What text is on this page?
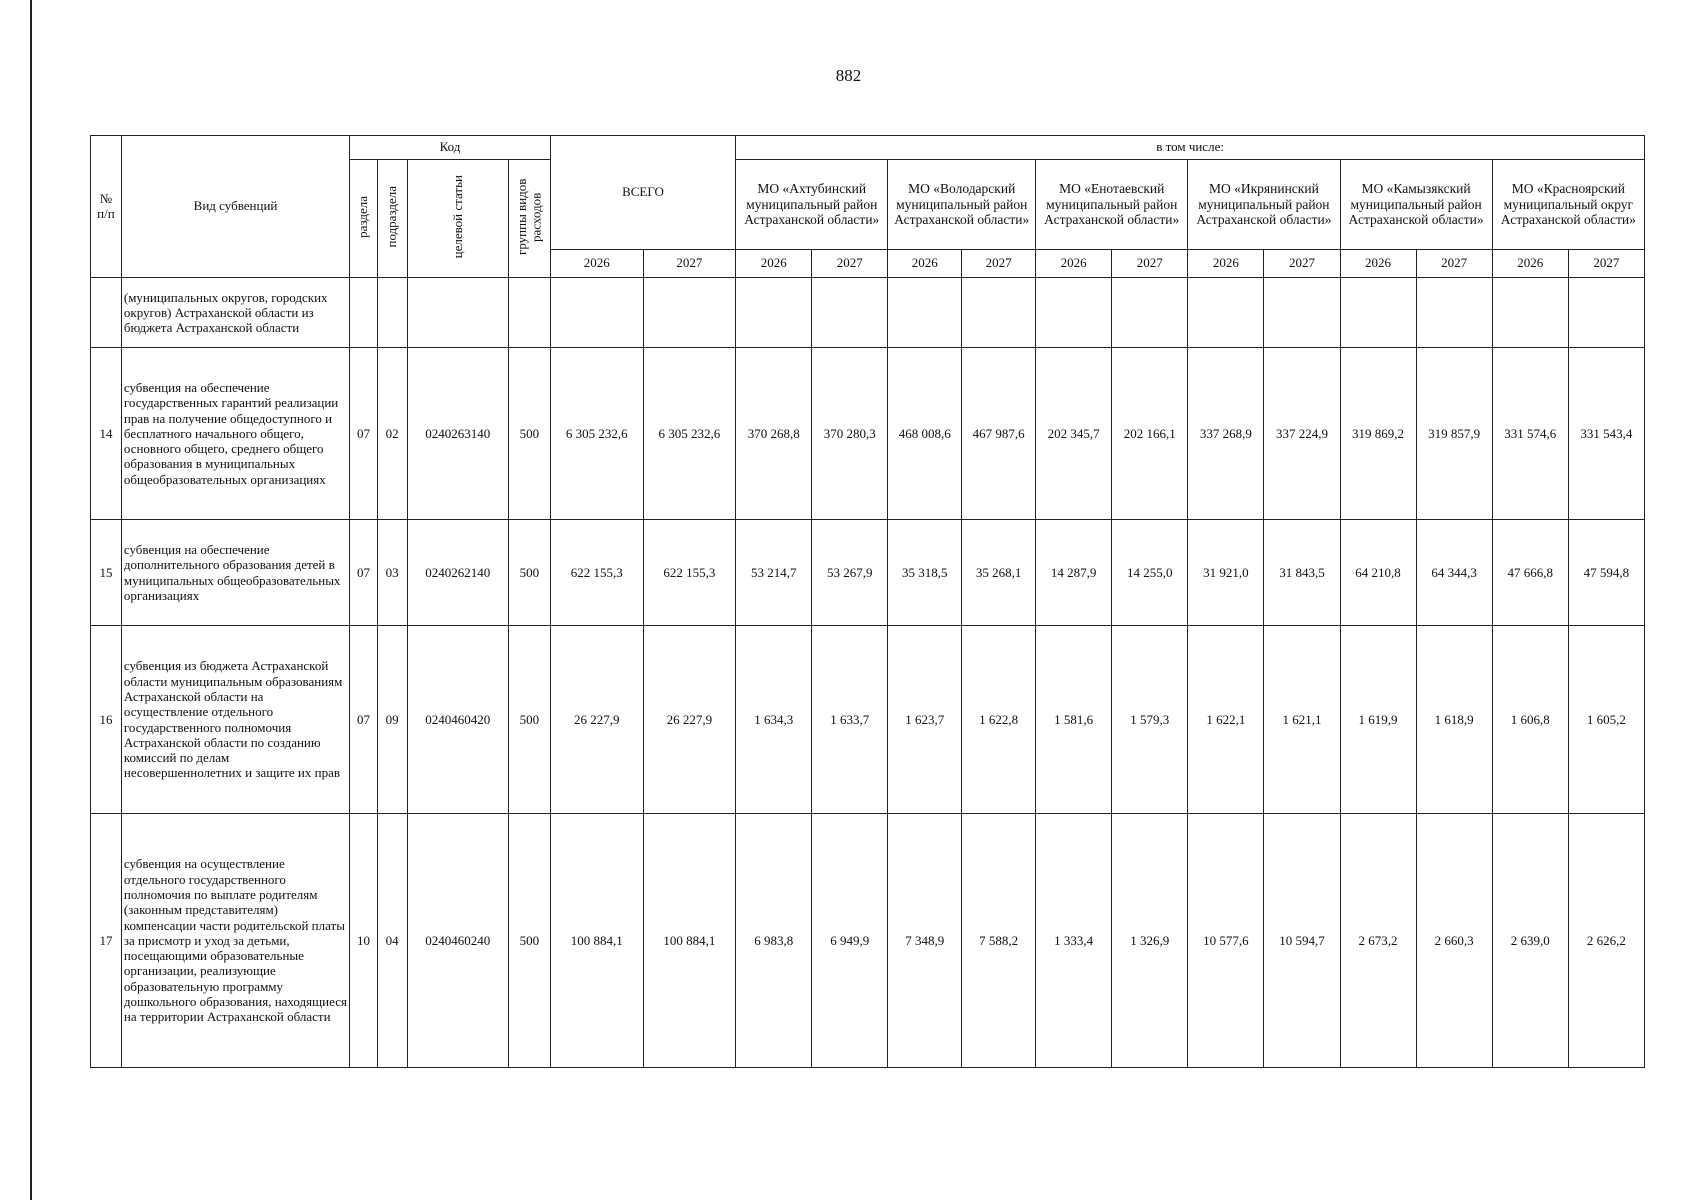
882
№ п/п	Вид субвенций	Код				ВСЕГО		в том числе:											
		раздела	подраздела	целевой статьи	группы видов расходов			МО «Ахтубинский муниципальный район Астраханской области»		МО «Володарский муниципальный район Астраханской области»		МО «Енотаевский муниципальный район Астраханской области»		МО «Икрянинский муниципальный район Астраханской области»		МО «Камызякский муниципальный район Астраханской области»		МО «Красноярский муниципальный округ Астраханской области»	
						2026	2027	2026	2027	2026	2027	2026	2027	2026	2027	2026	2027	2026	2027
	(муниципальных округов, городских округов) Астраханской области из бюджета Астраханской области																		
14	субвенция на обеспечение государственных гарантий реализации прав на получение общедоступного и бесплатного начального общего, основного общего, среднего общего образования в муниципальных общеобразовательных организациях	07	02	0240263140	500	6 305 232,6	6 305 232,6	370 268,8	370 280,3	468 008,6	467 987,6	202 345,7	202 166,1	337 268,9	337 224,9	319 869,2	319 857,9	331 574,6	331 543,4
15	субвенция на обеспечение дополнительного образования детей в муниципальных общеобразовательных организациях	07	03	0240262140	500	622 155,3	622 155,3	53 214,7	53 267,9	35 318,5	35 268,1	14 287,9	14 255,0	31 921,0	31 843,5	64 210,8	64 344,3	47 666,8	47 594,8
16	субвенция из бюджета Астраханской области муниципальным образованиям Астраханской области на осуществление отдельного государственного полномочия Астраханской области по созданию комиссий по делам несовершеннолетних и защите их прав	07	09	0240460420	500	26 227,9	26 227,9	1 634,3	1 633,7	1 623,7	1 622,8	1 581,6	1 579,3	1 622,1	1 621,1	1 619,9	1 618,9	1 606,8	1 605,2
17	субвенция на осуществление отдельного государственного полномочия по выплате родителям (законным представителям) компенсации части родительской платы за присмотр и уход за детьми, посещающими образовательные организации, реализующие образовательную программу дошкольного образования, находящиеся на территории Астраханской области	10	04	0240460240	500	100 884,1	100 884,1	6 983,8	6 949,9	7 348,9	7 588,2	1 333,4	1 326,9	10 577,6	10 594,7	2 673,2	2 660,3	2 639,0	2 626,2
